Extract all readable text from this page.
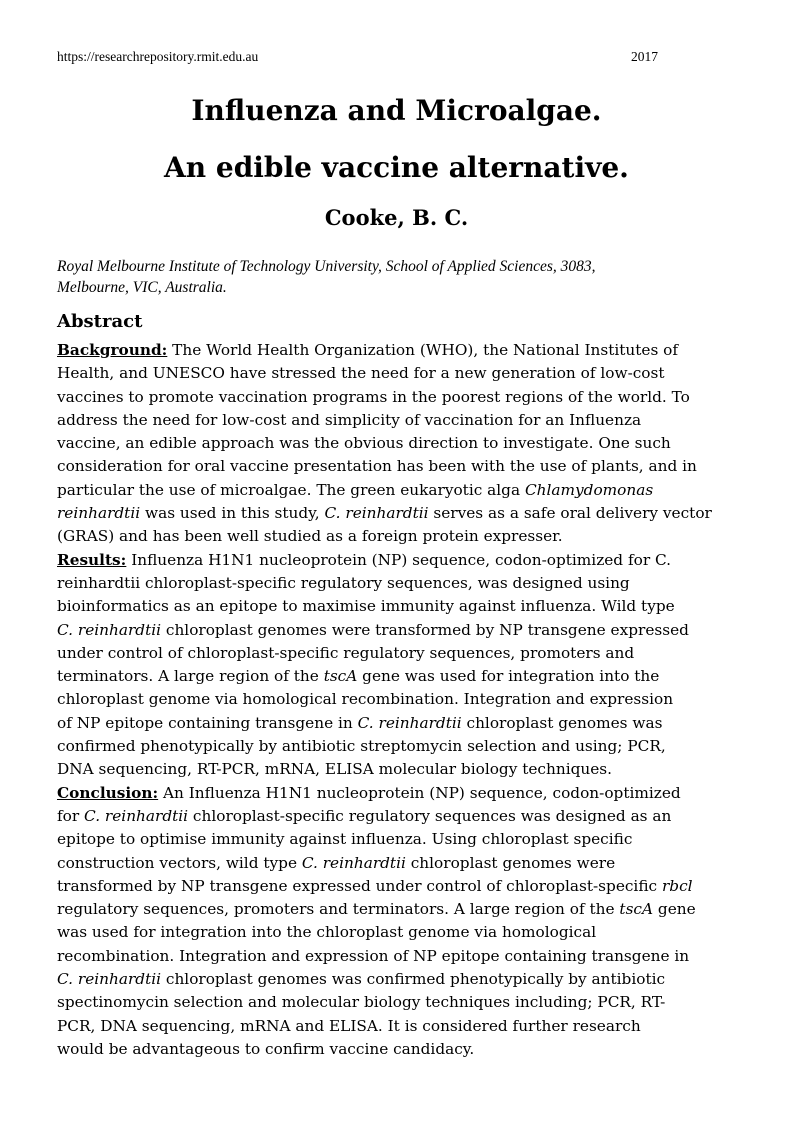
https://researchrepository.rmit.edu.au	2017
Influenza and Microalgae.
An edible vaccine alternative.
Cooke, B. C.
Royal Melbourne Institute of Technology University, School of Applied Sciences, 3083,
Melbourne, VIC, Australia.
Abstract
Background: The World Health Organization (WHO), the National Institutes of
Health, and UNESCO have stressed the need for a new generation of low-cost
vaccines to promote vaccination programs in the poorest regions of the world. To
address the need for low-cost and simplicity of vaccination for an Influenza
vaccine, an edible approach was the obvious direction to investigate. One such
consideration for oral vaccine presentation has been with the use of plants, and in
particular the use of microalgae. The green eukaryotic alga Chlamydomonas
reinhardtii was used in this study, C. reinhardtii serves as a safe oral delivery vector
(GRAS) and has been well studied as a foreign protein expresser.
Results: Influenza H1N1 nucleoprotein (NP) sequence, codon-optimized for C.
reinhardtii chloroplast-specific regulatory sequences, was designed using
bioinformatics as an epitope to maximise immunity against influenza. Wild type
C. reinhardtii chloroplast genomes were transformed by NP transgene expressed
under control of chloroplast-specific regulatory sequences, promoters and
terminators. A large region of the tscA gene was used for integration into the
chloroplast genome via homological recombination. Integration and expression
of NP epitope containing transgene in C. reinhardtii chloroplast genomes was
confirmed phenotypically by antibiotic streptomycin selection and using; PCR,
DNA sequencing, RT-PCR, mRNA, ELISA molecular biology techniques.
Conclusion: An Influenza H1N1 nucleoprotein (NP) sequence, codon-optimized
for C. reinhardtii chloroplast-specific regulatory sequences was designed as an
epitope to optimise immunity against influenza. Using chloroplast specific
construction vectors, wild type C. reinhardtii chloroplast genomes were
transformed by NP transgene expressed under control of chloroplast-specific rbcl
regulatory sequences, promoters and terminators. A large region of the tscA gene
was used for integration into the chloroplast genome via homological
recombination. Integration and expression of NP epitope containing transgene in
C. reinhardtii chloroplast genomes was confirmed phenotypically by antibiotic
spectinomycin selection and molecular biology techniques including; PCR, RT-
PCR, DNA sequencing, mRNA and ELISA. It is considered further research
would be advantageous to confirm vaccine candidacy.
